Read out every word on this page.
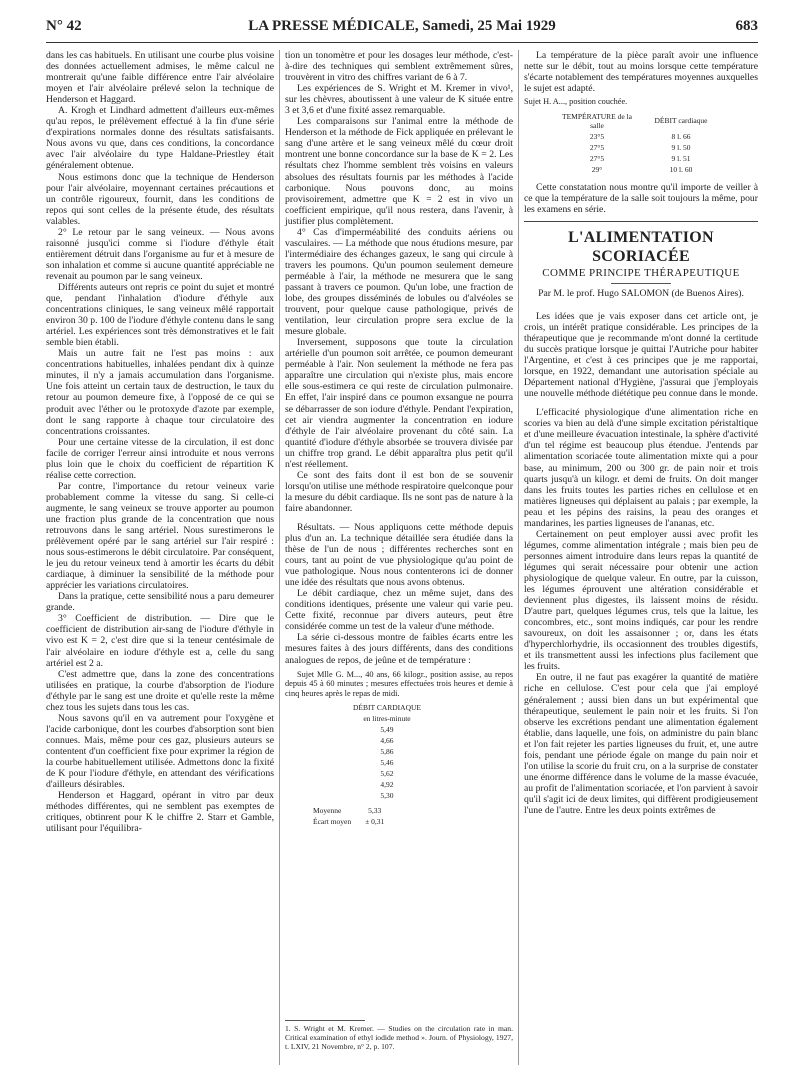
N° 42	LA PRESSE MÉDICALE, Samedi, 25 Mai 1929	683

dans les cas habituels. En utilisant une courbe plus voisine des données actuellement admises, le même calcul ne montrerait qu'une faible différence entre l'air alvéolaire moyen et l'air alvéolaire prélevé selon la technique de Henderson et Haggard.

A. Krogh et Lindhard admettent d'ailleurs eux-mêmes qu'au repos, le prélèvement effectué à la fin d'une série d'expirations normales donne des résultats satisfaisants. Nous avons vu que, dans ces conditions, la concordance avec l'air alvéolaire du type Haldane-Priestley était généralement obtenue.

Nous estimons donc que la technique de Henderson pour l'air alvéolaire, moyennant certaines précautions et un contrôle rigoureux, fournit, dans les conditions de repos qui sont celles de la présente étude, des résultats valables.

2° Le retour par le sang veineux. — Nous avons raisonné jusqu'ici comme si l'iodure d'éthyle était entièrement détruit dans l'organisme au fur et à mesure de son inhalation et comme si aucune quantité appréciable ne revenait au poumon par le sang veineux.

Différents auteurs ont repris ce point du sujet et montré que, pendant l'inhalation d'iodure d'éthyle aux concentrations cliniques, le sang veineux mêlé rapportait environ 30 p. 100 de l'iodure d'éthyle contenu dans le sang artériel. Les expériences sont très démonstratives et le fait semble bien établi.

Mais un autre fait ne l'est pas moins : aux concentrations habituelles, inhalées pendant dix à quinze minutes, il n'y a jamais accumulation dans l'organisme. Une fois atteint un certain taux de destruction, le taux du retour au poumon demeure fixe, à l'opposé de ce qui se produit avec l'éther ou le protoxyde d'azote par exemple, dont le sang rapporte à chaque tour circulatoire des concentrations croissantes.

Pour une certaine vitesse de la circulation, il est donc facile de corriger l'erreur ainsi introduite et nous verrons plus loin que le choix du coefficient de répartition K réalise cette correction.

Par contre, l'importance du retour veineux varie probablement comme la vitesse du sang. Si celle-ci augmente, le sang veineux se trouve apporter au poumon une fraction plus grande de la concentration que nous retrouvons dans le sang artériel. Nous surestimerons le prélèvement opéré par le sang artériel sur l'air respiré : nous sous-estimerons le débit circulatoire. Par conséquent, le jeu du retour veineux tend à amortir les écarts du débit cardiaque, à diminuer la sensibilité de la méthode pour apprécier les variations circulatoires.

Dans la pratique, cette sensibilité nous a paru demeurer grande.

3° Coefficient de distribution. — Dire que le coefficient de distribution air-sang de l'iodure d'éthyle in vivo est K = 2, c'est dire que si la teneur centésimale de l'air alvéolaire en iodure d'éthyle est a, celle du sang artériel est 2 a.

C'est admettre que, dans la zone des concentrations utilisées en pratique, la courbe d'absorption de l'iodure d'éthyle par le sang est une droite et qu'elle reste la même chez tous les sujets dans tous les cas.

Nous savons qu'il en va autrement pour l'oxygène et l'acide carbonique, dont les courbes d'absorption sont bien connues. Mais, même pour ces gaz, plusieurs auteurs se contentent d'un coefficient fixe pour exprimer la région de la courbe habituellement utilisée. Admettons donc la fixité de K pour l'iodure d'éthyle, en attendant des vérifications d'ailleurs désirables.

Henderson et Haggard, opérant in vitro par deux méthodes différentes, qui ne semblent pas exemptes de critiques, obtinrent pour K le chiffre 2. Starr et Gamble, utilisant pour l'équilibra-

tion un tonomètre et pour les dosages leur méthode, c'est-à-dire des techniques qui semblent extrêmement sûres, trouvèrent in vitro des chiffres variant de 6 à 7.

Les expériences de S. Wright et M. Kremer in vivo¹, sur les chèvres, aboutissent à une valeur de K située entre 3 et 3,6 et d'une fixité assez remarquable.

Les comparaisons sur l'animal entre la méthode de Henderson et la méthode de Fick appliquée en prélevant le sang d'une artère et le sang veineux mêlé du cœur droit montrent une bonne concordance sur la base de K = 2. Les résultats chez l'homme semblent très voisins en valeurs absolues des résultats fournis par les méthodes à l'acide carbonique. Nous pouvons donc, au moins provisoirement, admettre que K = 2 est in vivo un coefficient empirique, qu'il nous restera, dans l'avenir, à justifier plus complètement.

4° Cas d'imperméabilité des conduits aériens ou vasculaires. — La méthode que nous étudions mesure, par l'intermédiaire des échanges gazeux, le sang qui circule à travers les poumons. Qu'un poumon seulement demeure perméable à l'air, la méthode ne mesurera que le sang passant à travers ce poumon. Qu'un lobe, une fraction de lobe, des groupes disséminés de lobules ou d'alvéoles se trouvent, pour quelque cause pathologique, privés de ventilation, leur circulation propre sera exclue de la mesure globale.

Inversement, supposons que toute la circulation artérielle d'un poumon soit arrêtée, ce poumon demeurant perméable à l'air. Non seulement la méthode ne fera pas apparaître une circulation qui n'existe plus, mais encore elle sous-estimera ce qui reste de circulation pulmonaire. En effet, l'air inspiré dans ce poumon exsangue ne pourra se débarrasser de son iodure d'éthyle. Pendant l'expiration, cet air viendra augmenter la concentration en iodure d'éthyle de l'air alvéolaire provenant du côté sain. La quantité d'iodure d'éthyle absorbée se trouvera divisée par un chiffre trop grand. Le débit apparaîtra plus petit qu'il n'est réellement.

Ce sont des faits dont il est bon de se souvenir lorsqu'on utilise une méthode respiratoire quelconque pour la mesure du débit cardiaque. Ils ne sont pas de nature à la faire abandonner.

Résultats. — Nous appliquons cette méthode depuis plus d'un an. La technique détaillée sera étudiée dans la thèse de l'un de nous ; différentes recherches sont en cours, tant au point de vue physiologique qu'au point de vue pathologique. Nous nous contenterons ici de donner une idée des résultats que nous avons obtenus.

Le débit cardiaque, chez un même sujet, dans des conditions identiques, présente une valeur qui varie peu. Cette fixité, reconnue par divers auteurs, peut être considérée comme un test de la valeur d'une méthode.

La série ci-dessous montre de faibles écarts entre les mesures faites à des jours différents, dans des conditions analogues de repos, de jeûne et de température :

Sujet Mlle G. M..., 40 ans, 66 kilogr., position assise, au repos depuis 45 à 60 minutes ; mesures effectuées trois heures et demie à cinq heures après le repas de midi.

DÉBIT CARDIAQUE
en litres-minute
5,49
4,66
5,86
5,46
5,62
4,92
5,30
Moyenne	5,33
Écart moyen	± 0,31
1. S. Wright et M. Kremer. — Studies on the circulation rate in man. Critical examination of ethyl iodide method ». Journ. of Physiology, 1927, t. LXIV, 21 Novembre, n° 2, p. 107.

La température de la pièce paraît avoir une influence nette sur le débit, tout au moins lorsque cette température s'écarte notablement des températures moyennes auxquelles le sujet est adapté.

Sujet H. A..., position couchée.

TEMPÉRATURE de la salle	DÉBIT cardiaque
23°5	8 l. 66
27°5	9 l. 50
27°5	9 l. 51
29°	10 l. 60

Cette constatation nous montre qu'il importe de veiller à ce que la température de la salle soit toujours la même, pour les examens en série.

L'ALIMENTATION SCORIACÉE
COMME PRINCIPE THÉRAPEUTIQUE
Par M. le prof. Hugo SALOMON (de Buenos Aires).

Les idées que je vais exposer dans cet article ont, je crois, un intérêt pratique considérable. Les principes de la thérapeutique que je recommande m'ont donné la certitude du succès pratique lorsque je quittai l'Autriche pour habiter l'Argentine, et c'est à ces principes que je me rapportai, lorsque, en 1922, demandant une autorisation spéciale au Département national d'Hygiène, j'assurai que j'employais une nouvelle méthode diététique peu connue dans le monde.

L'efficacité physiologique d'une alimentation riche en scories va bien au delà d'une simple excitation péristaltique et d'une meilleure évacuation intestinale, la sphère d'activité d'un tel régime est beaucoup plus étendue. J'entends par alimentation scoriacée toute alimentation mixte qui a pour base, au minimum, 200 ou 300 gr. de pain noir et trois quarts jusqu'à un kilogr. et demi de fruits. On doit manger dans les fruits toutes les parties riches en cellulose et en matières ligneuses qui déplaisent au palais ; par exemple, la peau et les pépins des raisins, la peau des oranges et mandarines, les parties ligneuses de l'ananas, etc.

Certainement on peut employer aussi avec profit les légumes, comme alimentation intégrale ; mais bien peu de personnes aiment introduire dans leurs repas la quantité de légumes qui serait nécessaire pour obtenir une action physiologique de quelque valeur. En outre, par la cuisson, les légumes éprouvent une altération considérable et deviennent plus digestes, ils laissent moins de résidu. D'autre part, quelques légumes crus, tels que la laitue, les concombres, etc., sont moins indiqués, car pour les rendre savoureux, on doit les assaisonner ; or, dans les états d'hyperchlorhydrie, ils occasionnent des troubles digestifs, et ils transmettent aussi les infections plus facilement que les fruits.

En outre, il ne faut pas exagérer la quantité de matière riche en cellulose. C'est pour cela que j'ai employé généralement ; aussi bien dans un but expérimental que thérapeutique, seulement le pain noir et les fruits. Si l'on observe les excrétions pendant une alimentation également établie, dans laquelle, une fois, on administre du pain blanc et l'on fait rejeter les parties ligneuses du fruit, et, une autre fois, pendant une période égale on mange du pain noir et l'on utilise la scorie du fruit cru, on a la surprise de constater une énorme différence dans le volume de la masse évacuée, au profit de l'alimentation scoriacée, et l'on parvient à savoir qu'il s'agit ici de deux limites, qui diffèrent prodigieusement l'une de l'autre. Entre les deux points extrêmes de
